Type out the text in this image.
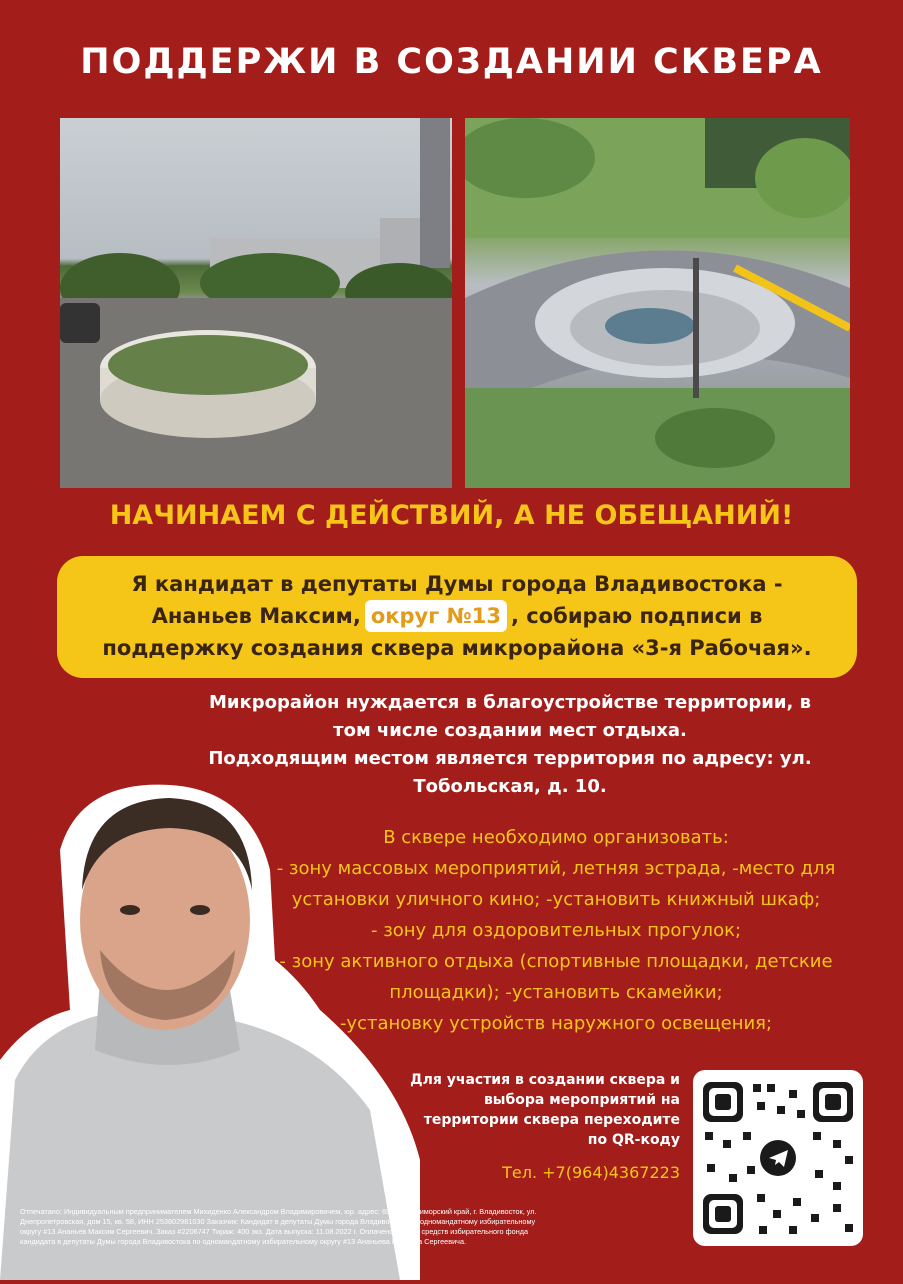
ПОДДЕРЖИ В СОЗДАНИИ СКВЕРА
НАЧИНАЕМ С ДЕЙСТВИЙ, А НЕ ОБЕЩАНИЙ!

Я кандидат в депутаты Думы города Владивостока -
Ананьев Максим, округ №13 , собираю подписи в
поддержку создания сквера микрорайона «3-я Рабочая».

Микрорайон нуждается в благоустройстве территории, в
том числе создании мест отдыха.
Подходящим местом является территория по адресу: ул.
Тобольская, д. 10.
В сквере необходимо организовать:
- зону массовых мероприятий, летняя эстрада, -место для
установки уличного кино; -установить книжный шкаф;
- зону для оздоровительных прогулок;
- зону активного отдыха (спортивные площадки, детские
площадки); -установить скамейки;
-установку устройств наружного освещения;
Для участия в создании сквера и
выбора мероприятий на
территории сквера переходите
по QR-коду
Тел. +7(964)4367223
Отпечатано: Индивидуальным предпринимателем Михиденко Александром Владимировичем, юр. адрес: 690000, Приморский край, г. Владивосток, ул.
Днепропетровская, дом 15, кв. 58, ИНН 253802981030 Заказчик: Кандидат в депутаты Думы города Владивостока по одномандатному избирательному
округу #13 Ананьев Максим Сергеевич. Заказ #2206747 Тираж: 400 экз. Дата выпуска: 11.08.2022 г. Оплачено за счёт средств избирательного фонда
кандидата в депутаты Думы города Владивостока по одномандатному избирательному округу #13 Ананьева Максима Сергеевича.
